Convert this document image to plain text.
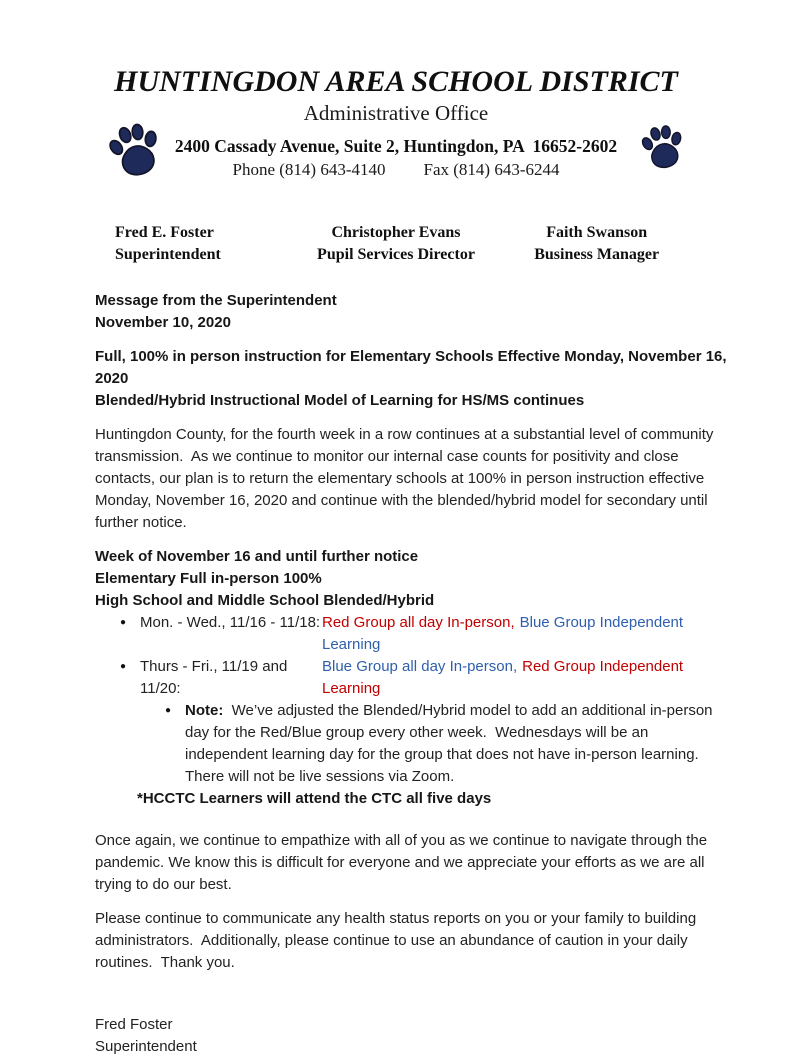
HUNTINGDON AREA SCHOOL DISTRICT
Administrative Office
2400 Cassady Avenue, Suite 2, Huntingdon, PA  16652-2602
Phone (814) 643-4140 Fax (814) 643-6244
Fred E. Foster
Superintendent
Christopher Evans
Pupil Services Director
Faith Swanson
Business Manager
Message from the Superintendent
November 10, 2020
Full, 100% in person instruction for Elementary Schools Effective Monday, November 16, 2020
Blended/Hybrid Instructional Model of Learning for HS/MS continues
Huntingdon County, for the fourth week in a row continues at a substantial level of community transmission.  As we continue to monitor our internal case counts for positivity and close contacts, our plan is to return the elementary schools at 100% in person instruction effective Monday, November 16, 2020 and continue with the blended/hybrid model for secondary until further notice.
Week of November 16 and until further notice
Elementary Full in-person 100%
High School and Middle School Blended/Hybrid
● Mon. - Wed., 11/16 - 11/18: Red Group all day In-person, Blue Group Independent Learning
● Thurs - Fri., 11/19 and 11/20:
Blue Group all day In-person, Red Group Independent Learning
● Note:  We’ve adjusted the Blended/Hybrid model to add an additional in-person day for the Red/Blue group every other week.  Wednesdays will be an independent learning day for the group that does not have in-person learning.  There will not be live sessions via Zoom.
*HCCTC Learners will attend the CTC all five days
Once again, we continue to empathize with all of you as we continue to navigate through the pandemic. We know this is difficult for everyone and we appreciate your efforts as we are all trying to do our best.
Please continue to communicate any health status reports on you or your family to building administrators.  Additionally, please continue to use an abundance of caution in your daily routines.  Thank you.
Fred Foster
Superintendent
